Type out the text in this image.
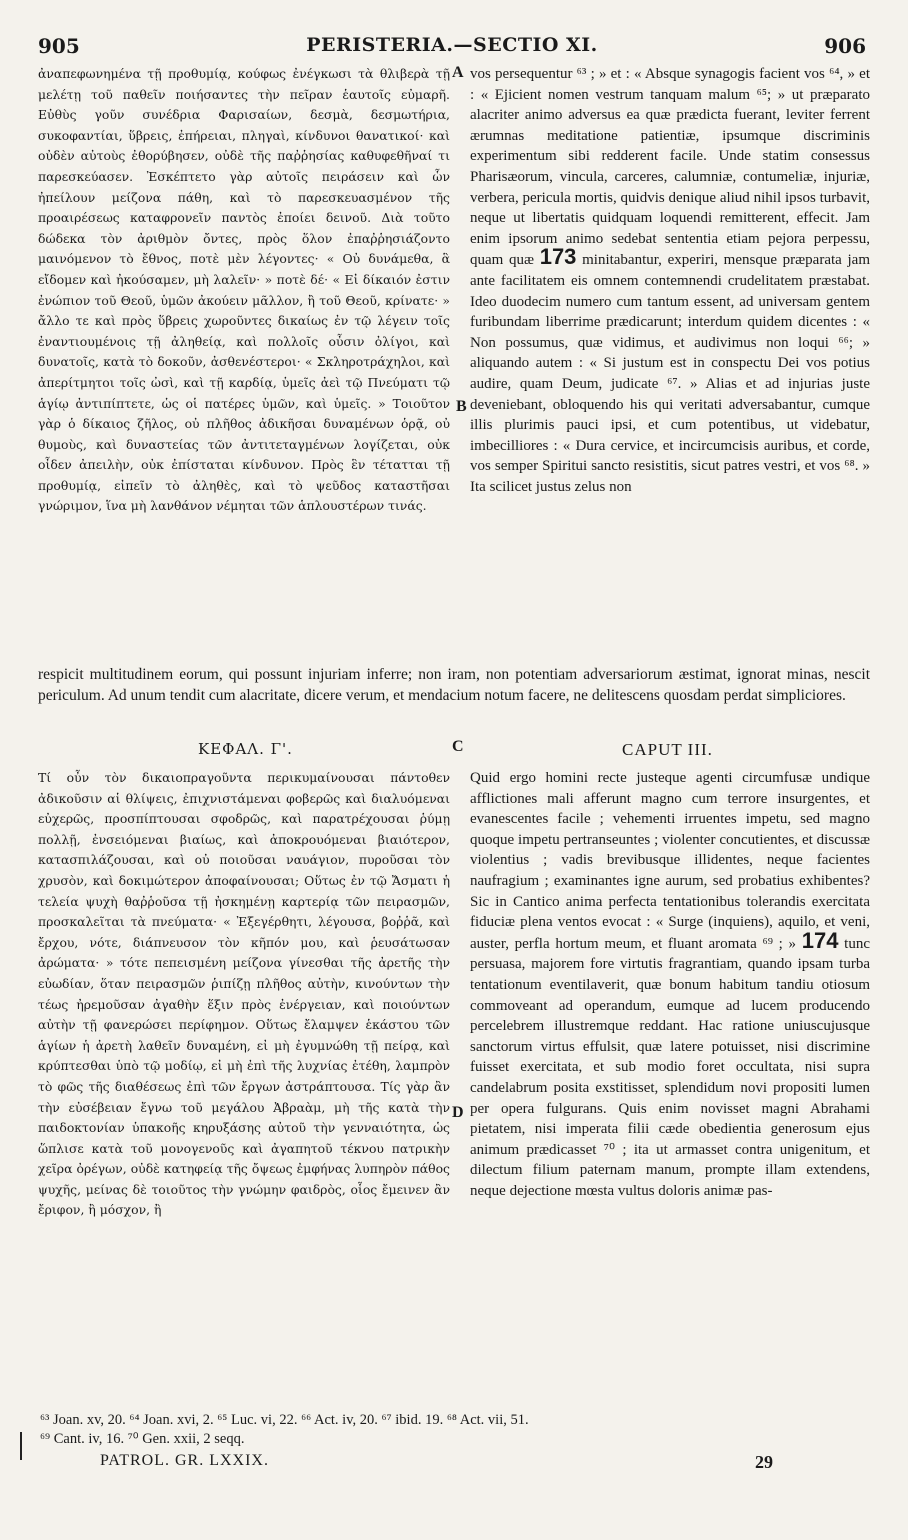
905	PERISTERIA.—SECTIO XI.	906

ἀναπεφωνημένα τῇ προθυμίᾳ, κούφως ἐνέγκωσι τὰ θλιβερὰ τῇ μελέτῃ τοῦ παθεῖν ποιήσαντες τὴν πεῖραν ἑαυτοῖς εὐμαρῆ. Εὐθὺς γοῦν συνέδρια Φαρισαίων, δεσμὰ, δεσμωτήρια, συκοφαντίαι, ὕβρεις, ἐπήρειαι, πληγαὶ, κίνδυνοι θανατικοί· καὶ οὐδὲν αὐτοὺς ἐθορύβησεν, οὐδὲ τῆς παῤῥησίας καθυφεθῆναί τι παρεσκεύασεν. Ἐσκέπτετο γὰρ αὐτοῖς πειράσειν καὶ ὧν ἠπείλουν μείζονα πάθη, καὶ τὸ παρεσκευασμένον τῆς προαιρέσεως καταφρονεῖν παντὸς ἐποίει δεινοῦ. Διὰ τοῦτο δώδεκα τὸν ἀριθμὸν ὄντες, πρὸς ὅλον ἐπαῤῥησιάζοντο μαινόμενον τὸ ἔθνος, ποτὲ μὲν λέγοντες· « Οὐ δυνάμεθα, ἃ εἴδομεν καὶ ἠκούσαμεν, μὴ λαλεῖν· » ποτὲ δέ· « Εἰ δίκαιόν ἐστιν ἐνώπιον τοῦ Θεοῦ, ὑμῶν ἀκούειν μᾶλλον, ἢ τοῦ Θεοῦ, κρίνατε· » ἄλλο τε καὶ πρὸς ὕβρεις χωροῦντες δικαίως ἐν τῷ λέγειν τοῖς ἐναντιουμένοις τῇ ἀληθείᾳ, καὶ πολλοῖς οὖσιν ὀλίγοι, καὶ δυνατοῖς, κατὰ τὸ δοκοῦν, ἀσθενέστεροι· « Σκληροτράχηλοι, καὶ ἀπερίτμητοι τοῖς ὠσὶ, καὶ τῇ καρδίᾳ, ὑμεῖς ἀεὶ τῷ Πνεύματι τῷ ἁγίῳ ἀντιπίπτετε, ὡς οἱ πατέρες ὑμῶν, καὶ ὑμεῖς. » Τοιοῦτον γὰρ ὁ δίκαιος ζῆλος, οὐ πλῆθος ἀδικῆσαι δυναμένων ὁρᾷ, οὐ θυμοὺς, καὶ δυναστείας τῶν ἀντιτεταγμένων λογίζεται, οὐκ οἶδεν ἀπειλὴν, οὐκ ἐπίσταται κίνδυνον. Πρὸς ἓν τέτατται τῇ προθυμίᾳ, εἰπεῖν τὸ ἀληθὲς, καὶ τὸ ψεῦδος καταστῆσαι γνώριμον, ἵνα μὴ λανθάνον νέμηται τῶν ἁπλουστέρων τινάς.

vos persequentur ⁶³ ; » et : « Absque synagogis facient vos ⁶⁴, » et : « Ejicient nomen vestrum tanquam malum ⁶⁵; » ut præparato alacriter animo adversus ea quæ prædicta fuerant, leviter ferrent ærumnas meditatione patientiæ, ipsumque discriminis experimentum sibi redderent facile. Unde statim consessus Pharisæorum, vincula, carceres, calumniæ, contumeliæ, injuriæ, verbera, pericula mortis, quidvis denique aliud nihil ipsos turbavit, neque ut libertatis quidquam loquendi remitterent, effecit. Jam enim ipsorum animo sedebat sententia etiam pejora perpessu, quam quæ 173 minitabantur, experiri, mensque præparata jam ante facilitatem eis omnem contemnendi crudelitatem præstabat. Ideo duodecim numero cum tantum essent, ad universam gentem furibundam liberrime prædicarunt; interdum quidem dicentes : « Non possumus, quæ vidimus, et audivimus non loqui ⁶⁶; » aliquando autem : « Si justum est in conspectu Dei vos potius audire, quam Deum, judicate ⁶⁷. » Alias et ad injurias juste deveniebant, obloquendo his qui veritati adversabantur, cumque illis plurimis pauci ipsi, et cum potentibus, ut videbatur, imbecilliores : « Dura cervice, et incircumcisis auribus, et corde, vos semper Spiritui sancto resistitis, sicut patres vestri, et vos ⁶⁸. » Ita scilicet justus zelus non

A
B

respicit multitudinem eorum, qui possunt injuriam inferre; non iram, non potentiam adversariorum æstimat, ignorat minas, nescit periculum. Ad unum tendit cum alacritate, dicere verum, et mendacium notum facere, ne delitescens quosdam perdat simpliciores.

ΚΕΦΑΛ. Γ'.	C	CAPUT III.

Τί οὖν τὸν δικαιοπραγοῦντα περικυμαίνουσαι πάντοθεν ἀδικοῦσιν αἱ θλίψεις, ἐπιχνιστάμεναι φοβερῶς καὶ διαλυόμεναι εὐχερῶς, προσπίπτουσαι σφοδρῶς, καὶ παρατρέχουσαι ῥύμῃ πολλῇ, ἐνσειόμεναι βιαίως, καὶ ἀποκρουόμεναι βιαιότερον, κατασπιλάζουσαι, καὶ οὐ ποιοῦσαι ναυάγιον, πυροῦσαι τὸν χρυσὸν, καὶ δοκιμώτερον ἀποφαίνουσαι; Οὕτως ἐν τῷ Ἄσματι ἡ τελεία ψυχὴ θαῤῥοῦσα τῇ ἠσκημένῃ καρτερίᾳ τῶν πειρασμῶν, προσκαλεῖται τὰ πνεύματα· « Ἐξεγέρθητι, λέγουσα, βοῤῥᾶ, καὶ ἔρχου, νότε, διάπνευσον τὸν κῆπόν μου, καὶ ῥευσάτωσαν ἀρώματα· » τότε πεπεισμένη μείζονα γίνεσθαι τῆς ἀρετῆς τὴν εὐωδίαν, ὅταν πειρασμῶν ῥιπίζῃ πλῆθος αὐτὴν, κινούντων τὴν τέως ἠρεμοῦσαν ἀγαθὴν ἕξιν πρὸς ἐνέργειαν, καὶ ποιούντων αὐτὴν τῇ φανερώσει περίφημον. Οὕτως ἔλαμψεν ἑκάστου τῶν ἁγίων ἡ ἀρετὴ λαθεῖν δυναμένη, εἰ μὴ ἐγυμνώθη τῇ πείρᾳ, καὶ κρύπτεσθαι ὑπὸ τῷ μοδίῳ, εἰ μὴ ἐπὶ τῆς λυχνίας ἐτέθη, λαμπρὸν τὸ φῶς τῆς διαθέσεως ἐπὶ τῶν ἔργων ἀστράπτουσα. Τίς γὰρ ἂν τὴν εὐσέβειαν ἔγνω τοῦ μεγάλου Ἀβραὰμ, μὴ τῆς κατὰ τὴν παιδοκτονίαν ὑπακοῆς κηρυξάσης αὐτοῦ τὴν γενναιότητα, ὡς ὥπλισε κατὰ τοῦ μονογενοῦς καὶ ἀγαπητοῦ τέκνου πατρικὴν χεῖρα ὀρέγων, οὐδὲ κατηφείᾳ τῆς ὄψεως ἐμφήνας λυπηρὸν πάθος ψυχῆς, μείνας δὲ τοιοῦτος τὴν γνώμην φαιδρὸς, οἷος ἔμεινεν ἂν ἔριφον, ἢ μόσχον, ἢ

D

Quid ergo homini recte justeque agenti circumfusæ undique afflictiones mali afferunt magno cum terrore insurgentes, et evanescentes facile ; vehementi irruentes impetu, sed magno quoque impetu pertranseuntes ; violenter concutientes, et discussæ violentius ; vadis brevibusque illidentes, neque facientes naufragium ; examinantes igne aurum, sed probatius exhibentes? Sic in Cantico anima perfecta tentationibus tolerandis exercitata fiduciæ plena ventos evocat : « Surge (inquiens), aquilo, et veni, auster, perfla hortum meum, et fluant aromata ⁶⁹ ; » 174 tunc persuasa, majorem fore virtutis fragrantiam, quando ipsam turba tentationum eventilaverit, quæ bonum habitum tandiu otiosum commoveant ad operandum, eumque ad lucem producendo percelebrem illustremque reddant. Hac ratione uniuscujusque sanctorum virtus effulsit, quæ latere potuisset, nisi discrimine fuisset exercitata, et sub modio foret occultata, nisi supra candelabrum posita exstitisset, splendidum novi propositi lumen per opera fulgurans. Quis enim novisset magni Abrahami pietatem, nisi imperata filii cæde obedientia generosum ejus animum prædicasset ⁷⁰ ; ita ut armasset contra unigenitum, et dilectum filium paternam manum, prompte illam extendens, neque dejectione mœsta vultus doloris animæ pas-

⁶³ Joan. xv, 20. ⁶⁴ Joan. xvi, 2. ⁶⁵ Luc. vi, 22. ⁶⁶ Act. iv, 20. ⁶⁷ ibid. 19. ⁶⁸ Act. vii, 51.
⁶⁹ Cant. iv, 16. ⁷⁰ Gen. xxii, 2 seqq.
PATROL. GR. LXXIX.	29
